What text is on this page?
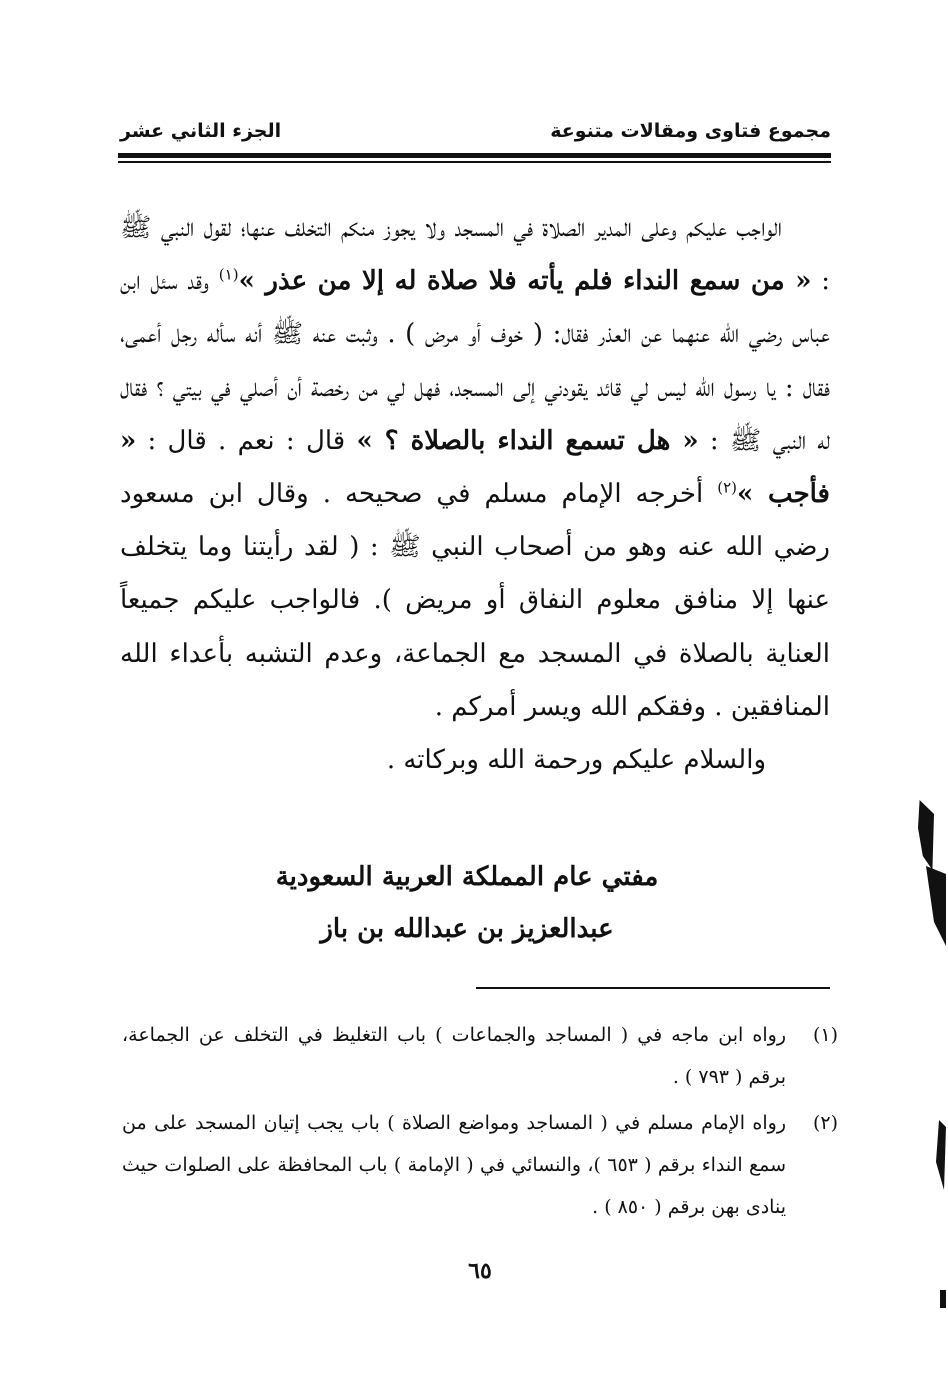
مجموع فتاوى ومقالات متنوعة
الجزء الثاني عشر

الواجب عليكم وعلى المدير الصلاة في المسجد ولا يجوز منكم التخلف عنها؛ لقول النبي ﷺ : « من سمع النداء فلم يأته فلا صلاة له إلا من عذر »$^{(١)}$ وقد سئل ابن عباس رضي الله عنهما عن العذر فقال: ( خوف أو مرض ) . وثبت عنه ﷺ أنه سأله رجل أعمى، فقال : يا رسول الله ليس لي قائد يقودني إلى المسجد، فهل لي من رخصة أن أصلي في بيتي ؟ فقال له النبي ﷺ : « هل تسمع النداء بالصلاة ؟ » قال : نعم . قال : « فأجب »$^{(٢)}$ أخرجه الإمام مسلم في صحيحه . وقال ابن مسعود رضي الله عنه وهو من أصحاب النبي ﷺ : ( لقد رأيتنا وما يتخلف عنها إلا منافق معلوم النفاق أو مريض ). فالواجب عليكم جميعاً العناية بالصلاة في المسجد مع الجماعة، وعدم التشبه بأعداء الله المنافقين . وفقكم الله ويسر أمركم .

والسلام عليكم ورحمة الله وبركاته .

مفتي عام المملكة العربية السعودية
عبدالعزيز بن عبدالله بن باز
(١)
رواه ابن ماجه في ( المساجد والجماعات ) باب التغليظ في التخلف عن الجماعة، برقم ( ٧٩٣ ) .
(٢)
رواه الإمام مسلم في ( المساجد ومواضع الصلاة ) باب يجب إتيان المسجد على من سمع النداء برقم ( ٦٥٣ )، والنسائي في ( الإمامة ) باب المحافظة على الصلوات حيث ينادى بهن برقم ( ٨٥٠ ) .
٦٥
